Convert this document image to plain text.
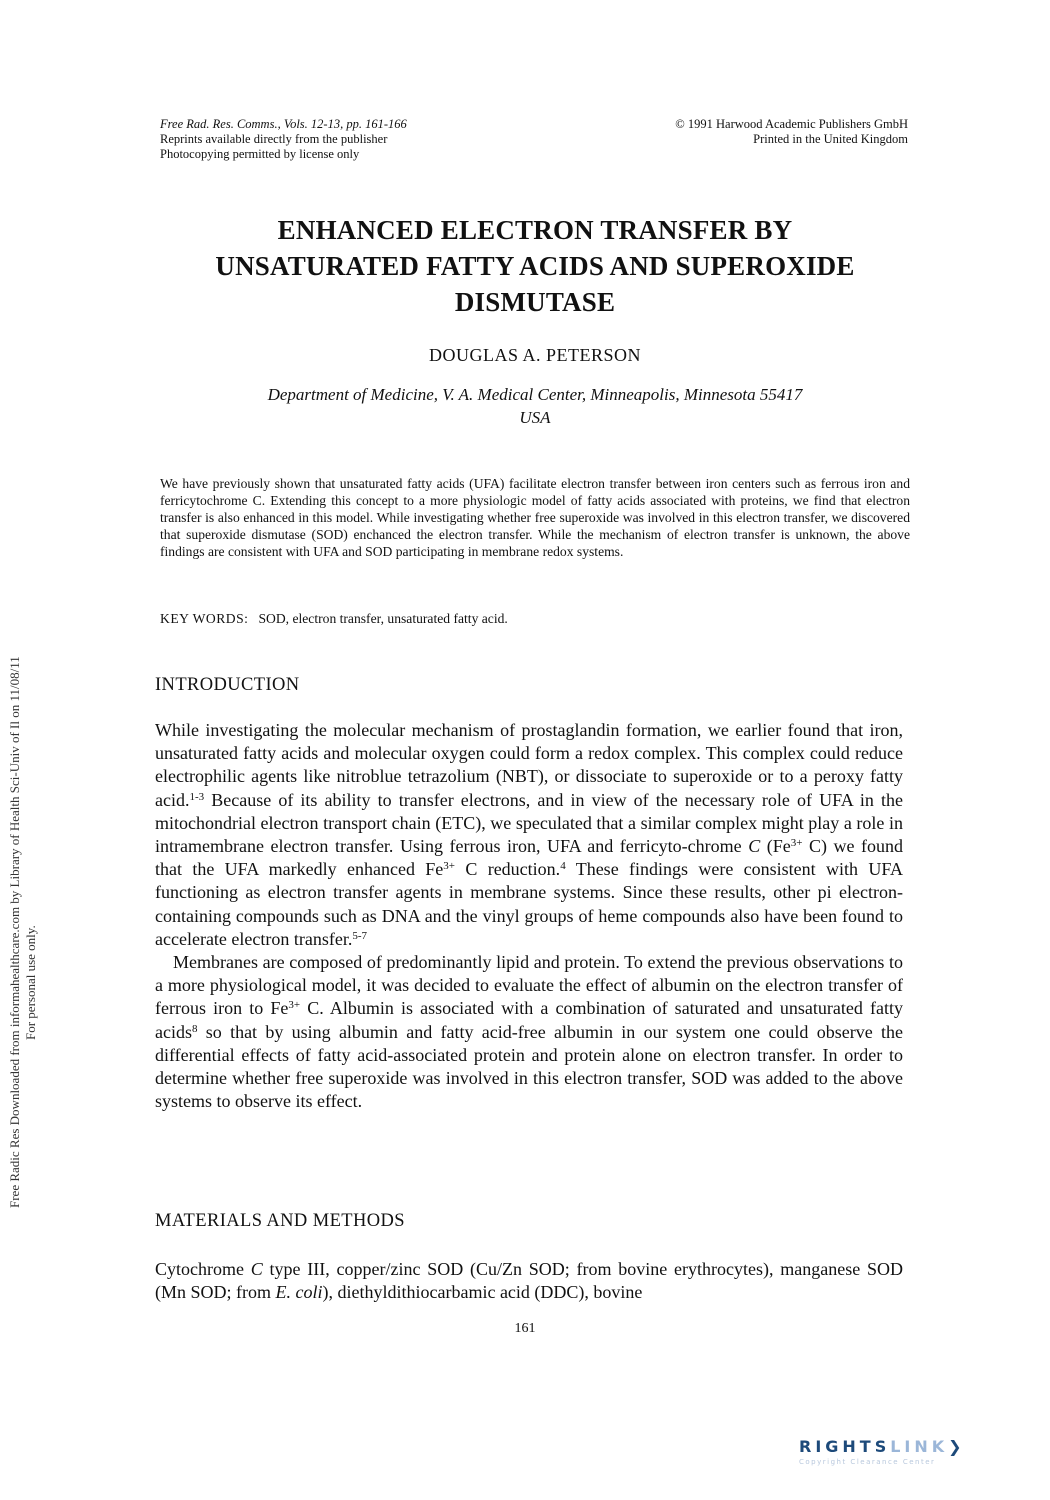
Free Rad. Res. Comms., Vols. 12-13, pp. 161-166
Reprints available directly from the publisher
Photocopying permitted by license only
© 1991 Harwood Academic Publishers GmbH
Printed in the United Kingdom
ENHANCED ELECTRON TRANSFER BY
UNSATURATED FATTY ACIDS AND SUPEROXIDE
DISMUTASE
DOUGLAS A. PETERSON
Department of Medicine, V. A. Medical Center, Minneapolis, Minnesota 55417
USA
We have previously shown that unsaturated fatty acids (UFA) facilitate electron transfer between iron centers such as ferrous iron and ferricytochrome C. Extending this concept to a more physiologic model of fatty acids associated with proteins, we find that electron transfer is also enhanced in this model. While investigating whether free superoxide was involved in this electron transfer, we discovered that superoxide dismutase (SOD) enchanced the electron transfer. While the mechanism of electron transfer is unknown, the above findings are consistent with UFA and SOD participating in membrane redox systems.
KEY WORDS: SOD, electron transfer, unsaturated fatty acid.
INTRODUCTION

While investigating the molecular mechanism of prostaglandin formation, we earlier found that iron, unsaturated fatty acids and molecular oxygen could form a redox complex. This complex could reduce electrophilic agents like nitroblue tetrazolium (NBT), or dissociate to superoxide or to a peroxy fatty acid.$^{1-3}$ Because of its ability to transfer electrons, and in view of the necessary role of UFA in the mitochondrial electron transport chain (ETC), we speculated that a similar complex might play a role in intramembrane electron transfer. Using ferrous iron, UFA and ferricyto-chrome C ($Fe^{3+}$ C) we found that the UFA markedly enhanced $Fe^{3+}$ C reduction.$^4$ These findings were consistent with UFA functioning as electron transfer agents in membrane systems. Since these results, other pi electron-containing compounds such as DNA and the vinyl groups of heme compounds also have been found to accelerate electron transfer.$^{5-7}$

Membranes are composed of predominantly lipid and protein. To extend the previous observations to a more physiological model, it was decided to evaluate the effect of albumin on the electron transfer of ferrous iron to $Fe^{3+}$ C. Albumin is associated with a combination of saturated and unsaturated fatty acids$^8$ so that by using albumin and fatty acid-free albumin in our system one could observe the differential effects of fatty acid-associated protein and protein alone on electron transfer. In order to determine whether free superoxide was involved in this electron transfer, SOD was added to the above systems to observe its effect.

MATERIALS AND METHODS

Cytochrome C type III, copper/zinc SOD (Cu/Zn SOD; from bovine erythrocytes), manganese SOD (Mn SOD; from E. coli), diethyldithiocarbamic acid (DDC), bovine

161
Free Radic Res Downloaded from informahealthcare.com by Library of Health Sci-Univ of Il on 11/08/11 For personal use only.
RIGHTSLINK❯
Copyright Clearance Center
